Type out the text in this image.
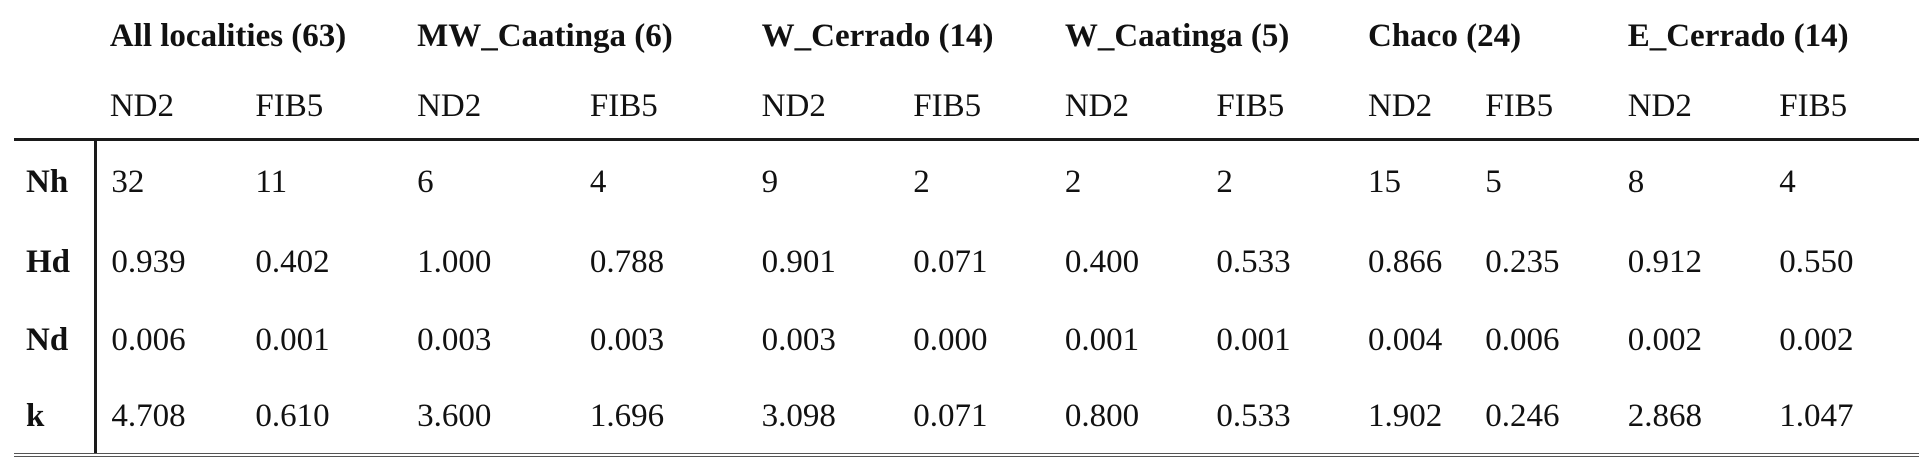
	All localities (63)		MW_Caatinga (6)		W_Cerrado (14)		W_Caatinga (5)		Chaco (24)		E_Cerrado (14)	
	ND2	FIB5	ND2	FIB5	ND2	FIB5	ND2	FIB5	ND2	FIB5	ND2	FIB5
Nh	32	11	6	4	9	2	2	2	15	5	8	4
Hd	0.939	0.402	1.000	0.788	0.901	0.071	0.400	0.533	0.866	0.235	0.912	0.550
Nd	0.006	0.001	0.003	0.003	0.003	0.000	0.001	0.001	0.004	0.006	0.002	0.002
k	4.708	0.610	3.600	1.696	3.098	0.071	0.800	0.533	1.902	0.246	2.868	1.047
